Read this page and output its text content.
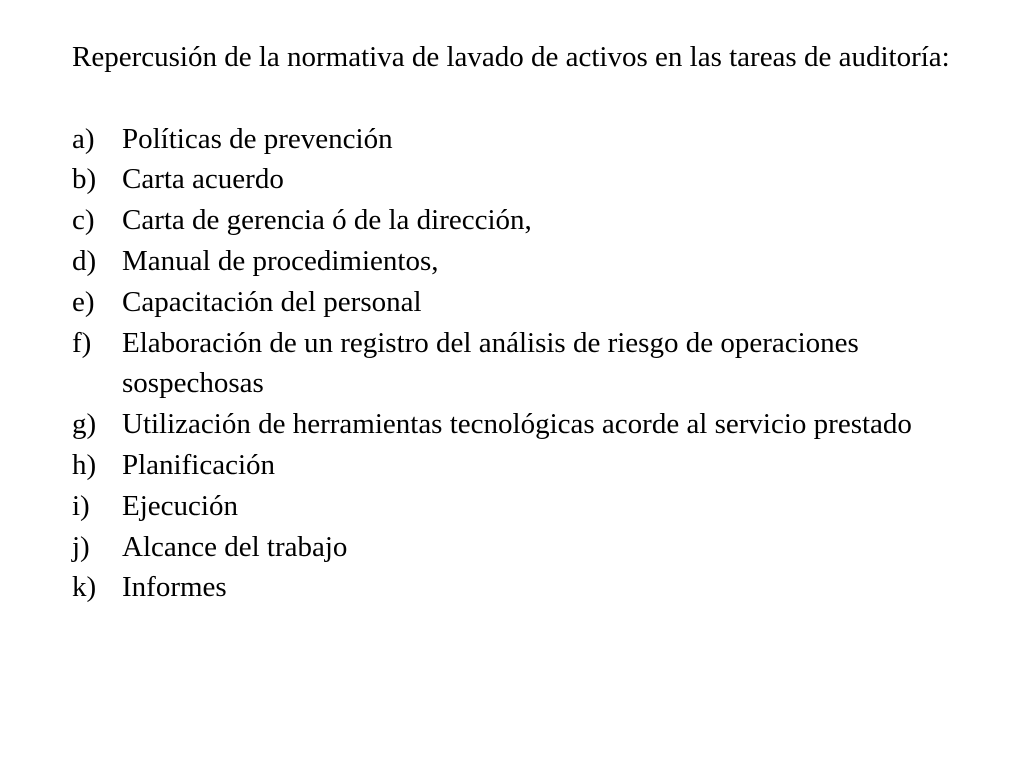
Repercusión de la normativa de lavado de activos en las tareas de auditoría:

a) Políticas de prevención
b) Carta acuerdo
c) Carta de gerencia ó de la dirección,
d) Manual de procedimientos,
e) Capacitación del personal
f)	Elaboración de un registro del análisis de riesgo de operaciones sospechosas
g) Utilización de herramientas tecnológicas acorde al servicio prestado
h) Planificación
i)	Ejecución
j)	Alcance del trabajo
k) Informes
